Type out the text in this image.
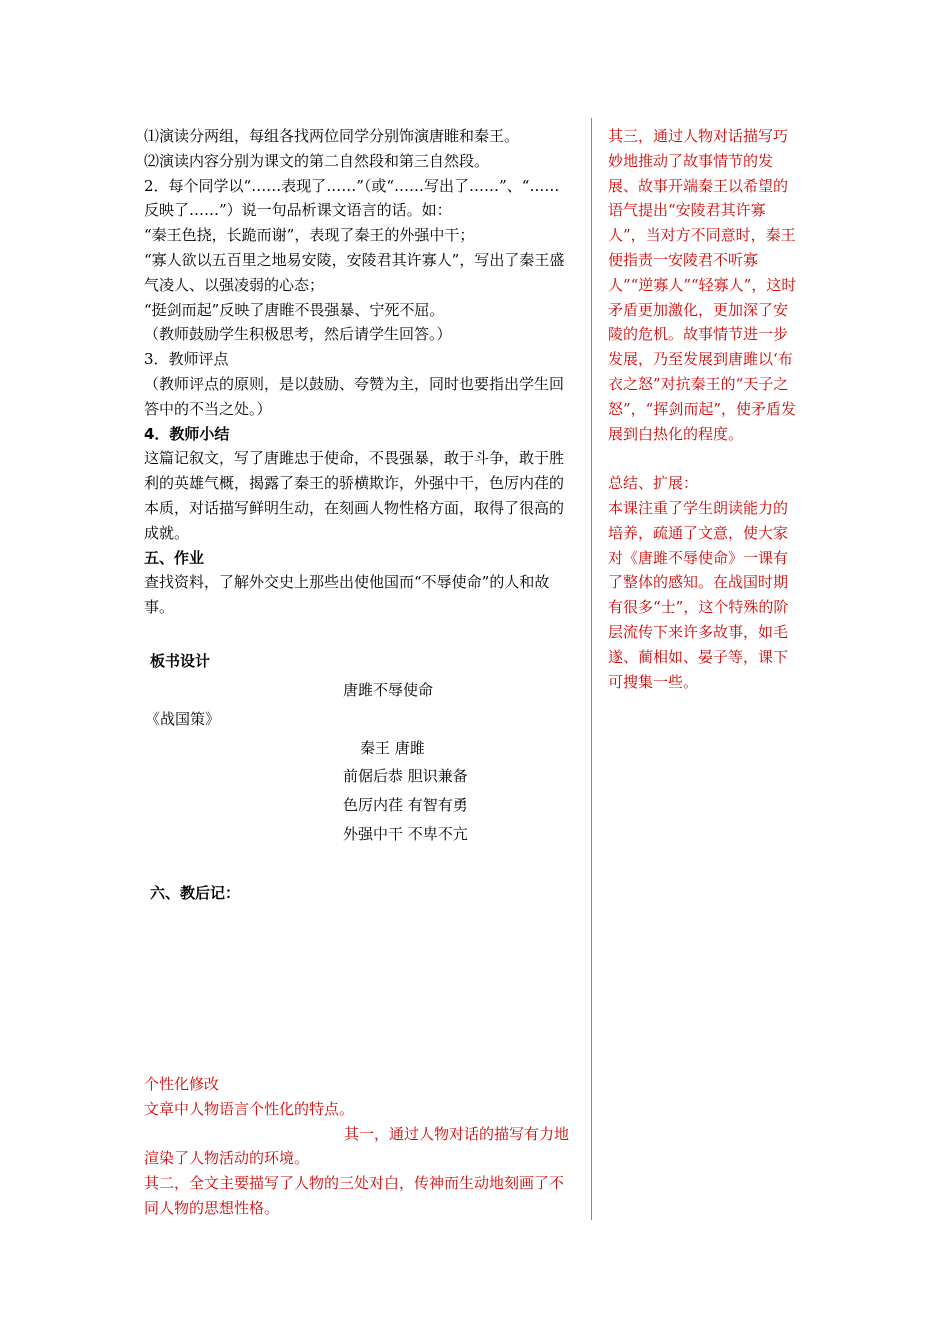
⑴演读分两组，每组各找两位同学分别饰演唐睢和秦王。

⑵演读内容分别为课文的第二自然段和第三自然段。

2．每个同学以“……表现了……”（或“……写出了……”、“……反映了……”）说一句品析课文语言的话。如：

“秦王色挠，长跪而谢”，表现了秦王的外强中干；

“寡人欲以五百里之地易安陵，安陵君其许寡人”，写出了秦王盛气凌人、以强凌弱的心态；

“挺剑而起”反映了唐睢不畏强暴、宁死不屈。

（教师鼓励学生积极思考，然后请学生回答。）

3．教师评点

（教师评点的原则，是以鼓励、夸赞为主，同时也要指出学生回答中的不当之处。）

4．教师小结

这篇记叙文，写了唐雎忠于使命，不畏强暴，敢于斗争，敢于胜利的英雄气概，揭露了秦王的骄横欺诈，外强中干，色厉内荏的本质，对话描写鲜明生动，在刻画人物性格方面，取得了很高的成就。

五、作业

查找资料，了解外交史上那些出使他国而“不辱使命”的人和故事。

板书设计
唐雎不辱使命
《战国策》
秦王 唐雎
前倨后恭 胆识兼备
色厉内荏 有智有勇
外强中干 不卑不亢
六、教后记：

个性化修改

文章中人物语言个性化的特点。

其一，通过人物对话的描写有力地渲染了人物活动的环境。

其二，全文主要描写了人物的三处对白，传神而生动地刻画了不同人物的思想性格。

其三，通过人物对话描写巧妙地推动了故事情节的发展、故事开端秦王以希望的语气提出“安陵君其许寡人”，当对方不同意时，秦王便指责一安陵君不听寡人”“逆寡人”“轻寡人”，这时矛盾更加激化，更加深了安陵的危机。故事情节进一步发展，乃至发展到唐雎以‘布衣之怒”对抗秦王的“天子之怒”，“挥剑而起”，使矛盾发展到白热化的程度。

总结、扩展：

本课注重了学生朗读能力的培养，疏通了文意，使大家对《唐雎不辱使命》一课有了整体的感知。在战国时期有很多“士”，这个特殊的阶层流传下来许多故事，如毛遂、蔺相如、晏子等，课下可搜集一些。
